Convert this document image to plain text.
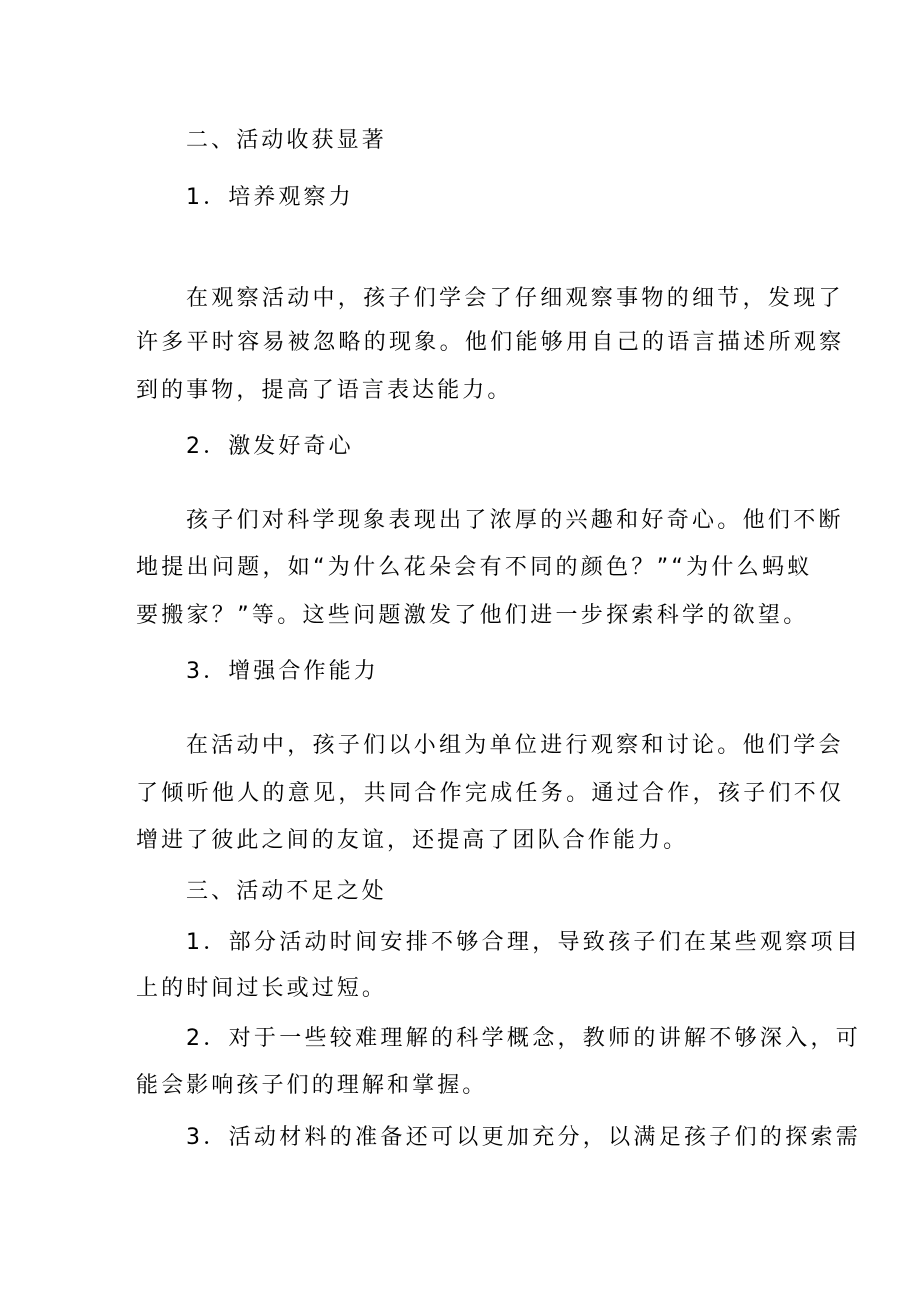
二、活动收获显著
1．培养观察力
在观察活动中，孩子们学会了仔细观察事物的细节，发现了
许多平时容易被忽略的现象。他们能够用自己的语言描述所观察
到的事物，提高了语言表达能力。
2．激发好奇心
孩子们对科学现象表现出了浓厚的兴趣和好奇心。他们不断
地提出问题，如“为什么花朵会有不同的颜色？”“为什么蚂蚁
要搬家？”等。这些问题激发了他们进一步探索科学的欲望。
3．增强合作能力
在活动中，孩子们以小组为单位进行观察和讨论。他们学会
了倾听他人的意见，共同合作完成任务。通过合作，孩子们不仅
增进了彼此之间的友谊，还提高了团队合作能力。
三、活动不足之处
1．部分活动时间安排不够合理，导致孩子们在某些观察项目
上的时间过长或过短。
2．对于一些较难理解的科学概念，教师的讲解不够深入，可
能会影响孩子们的理解和掌握。
3．活动材料的准备还可以更加充分，以满足孩子们的探索需
